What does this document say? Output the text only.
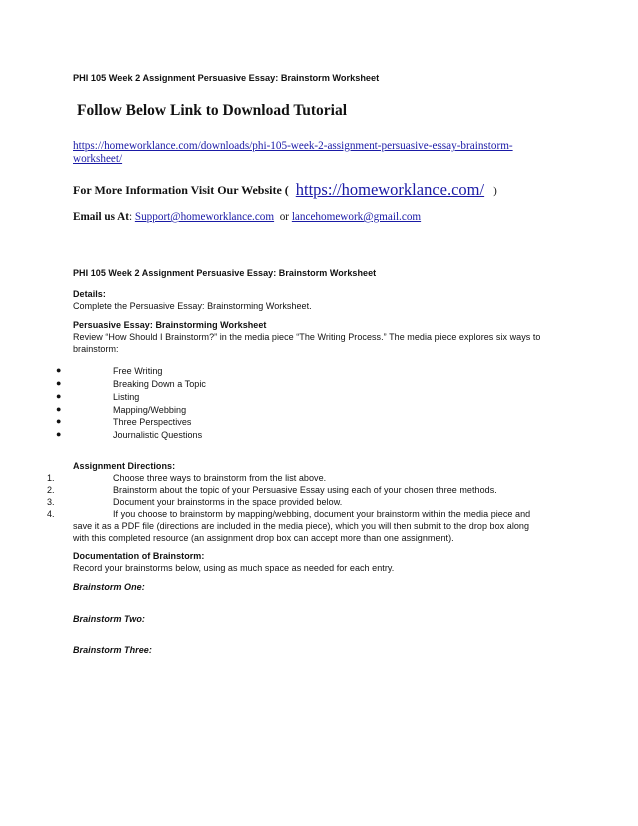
PHI 105 Week 2 Assignment Persuasive Essay: Brainstorm Worksheet
Follow Below Link to Download Tutorial
https://homeworklance.com/downloads/phi-105-week-2-assignment-persuasive-essay-brainstorm-
worksheet/
For More Information Visit Our Website ( https://homeworklance.com/ )
Email us At: Support@homeworklance.com or lancehomework@gmail.com
PHI 105 Week 2 Assignment Persuasive Essay: Brainstorm Worksheet
Details:
Complete the Persuasive Essay: Brainstorming Worksheet.
Persuasive Essay: Brainstorming Worksheet
Review “How Should I Brainstorm?” in the media piece “The Writing Process.” The media piece explores six ways to
brainstorm:
●	Free Writing
●	Breaking Down a Topic
●	Listing
●	Mapping/Webbing
●	Three Perspectives
●	Journalistic Questions
Assignment Directions:
1.	Choose three ways to brainstorm from the list above.
2.	Brainstorm about the topic of your Persuasive Essay using each of your chosen three methods.
3.	Document your brainstorms in the space provided below.
4.	If you choose to brainstorm by mapping/webbing, document your brainstorm within the media piece and
save it as a PDF file (directions are included in the media piece), which you will then submit to the drop box along
with this completed resource (an assignment drop box can accept more than one assignment).
Documentation of Brainstorm:
Record your brainstorms below, using as much space as needed for each entry.
Brainstorm One:
Brainstorm Two:
Brainstorm Three:
